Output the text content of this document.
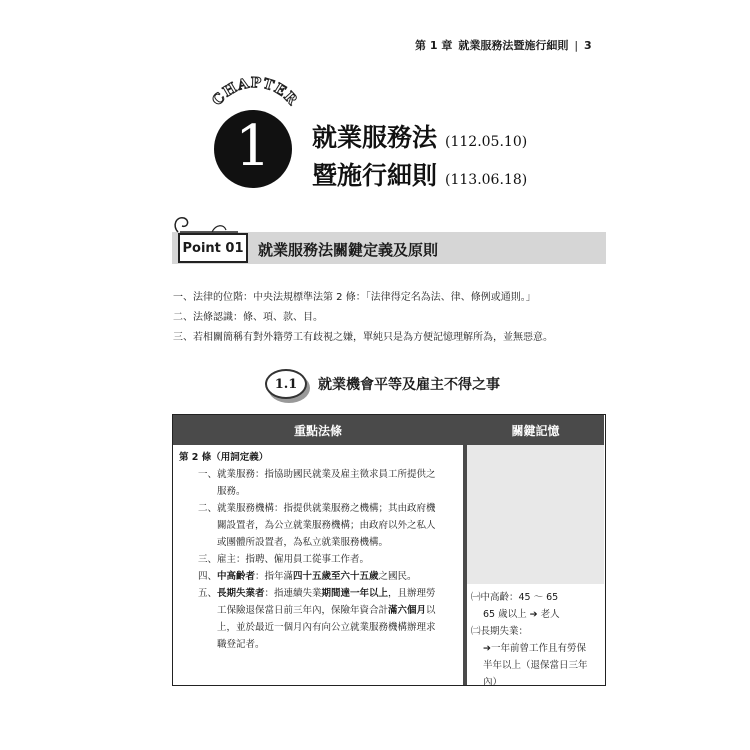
第 1 章 就業服務法暨施行細則 | 3
CHAPTER
1 就業服務法 (112.05.10)
暨施行細則 (113.06.18)
Point 01 就業服務法關鍵定義及原則
一、法律的位階：中央法規標準法第 2 條：「法律得定名為法、律、條例或通則。」
二、法條認識：條、項、款、目。
三、若相關簡稱有對外籍勞工有歧視之嫌，單純只是為方便記憶理解所為，並無惡意。
1.1 就業機會平等及雇主不得之事
重點法條	關鍵記憶
第 2 條（用詞定義）
一、 就業服務：指協助國民就業及雇主徵求員工所提供之
服務。
二、 就業服務機構：指提供就業服務之機構；其由政府機
關設置者，為公立就業服務機構；由政府以外之私人
或團體所設置者，為私立就業服務機構。
三、 雇主：指聘、僱用員工從事工作者。
四、 中高齡者：指年滿四十五歲至六十五歲之國民。
五、 長期失業者：指連續失業期間達一年以上，且辦理勞
工保險退保當日前三年內，保險年資合計滿六個月以
上，並於最近一個月內有向公立就業服務機構辦理求
職登記者。
㈠中高齡：45 ～ 65
65 歲以上 ➔ 老人
㈡長期失業：
➔一年前曾工作且有勞保
半年以上（退保當日三年
內）
